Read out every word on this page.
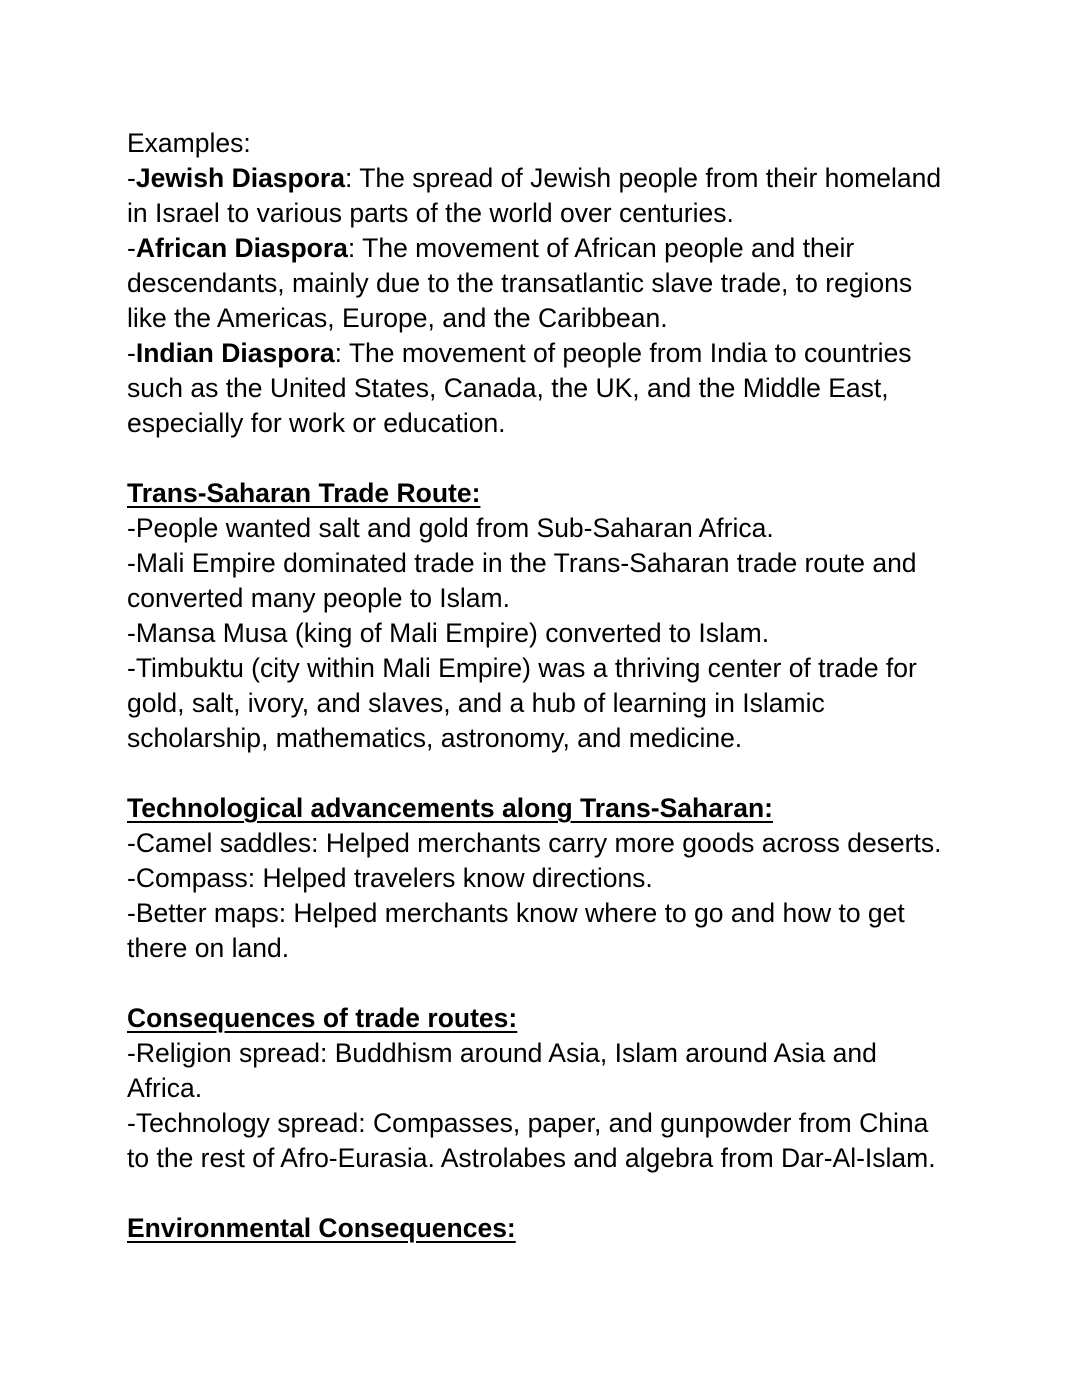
Examples:

-Jewish Diaspora: The spread of Jewish people from their homeland in Israel to various parts of the world over centuries.

-African Diaspora: The movement of African people and their descendants, mainly due to the transatlantic slave trade, to regions like the Americas, Europe, and the Caribbean.

-Indian Diaspora: The movement of people from India to countries such as the United States, Canada, the UK, and the Middle East, especially for work or education.

Trans-Saharan Trade Route:

-People wanted salt and gold from Sub-Saharan Africa.

-Mali Empire dominated trade in the Trans-Saharan trade route and converted many people to Islam.

-Mansa Musa (king of Mali Empire) converted to Islam.

-Timbuktu (city within Mali Empire) was a thriving center of trade for gold, salt, ivory, and slaves, and a hub of learning in Islamic scholarship, mathematics, astronomy, and medicine.

Technological advancements along Trans-Saharan:

-Camel saddles: Helped merchants carry more goods across deserts.

-Compass: Helped travelers know directions.

-Better maps: Helped merchants know where to go and how to get there on land.

Consequences of trade routes:

-Religion spread: Buddhism around Asia, Islam around Asia and Africa.

-Technology spread: Compasses, paper, and gunpowder from China to the rest of Afro-Eurasia. Astrolabes and algebra from Dar-Al-Islam.

Environmental Consequences:
